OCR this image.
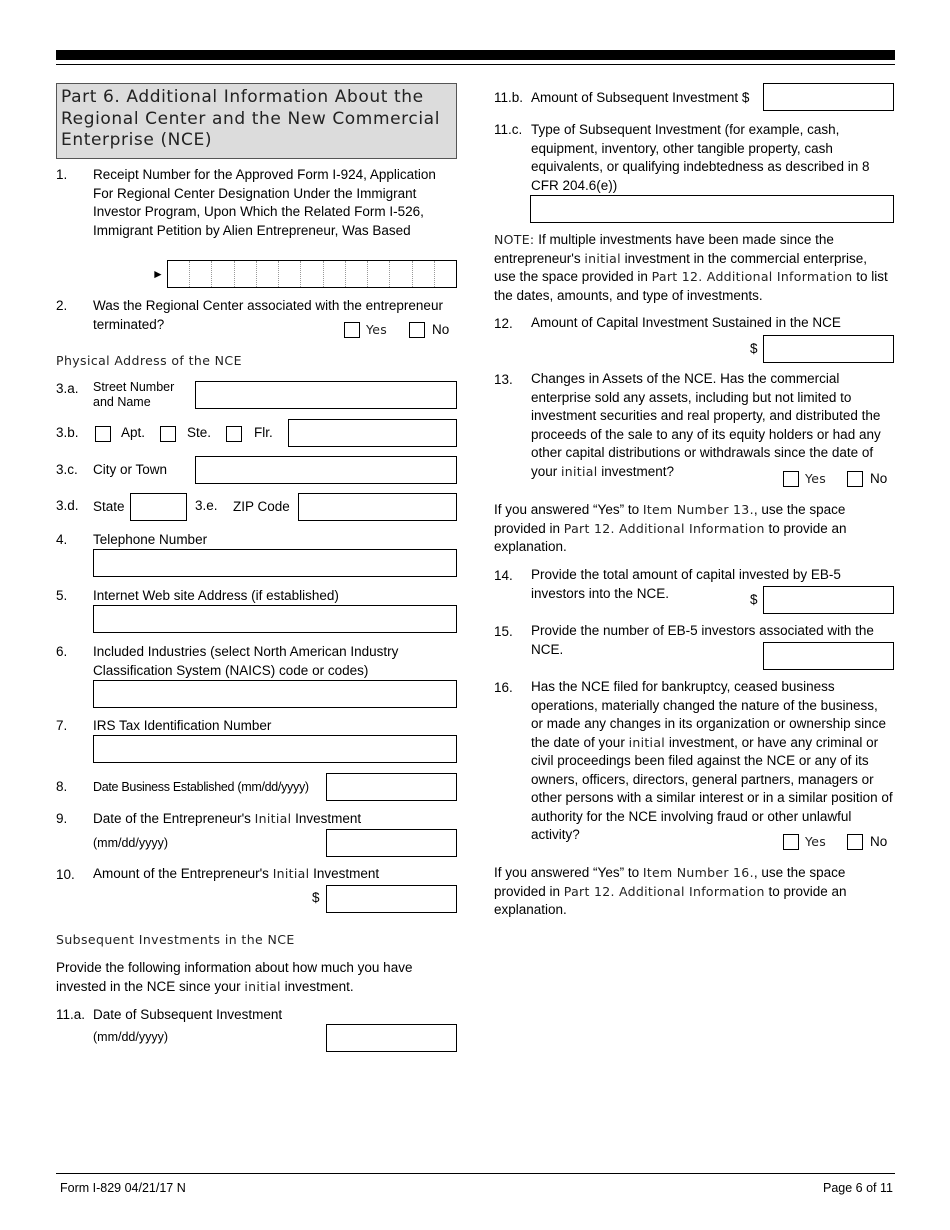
Part 6. Additional Information About the Regional Center and the New Commercial Enterprise (NCE)
1.	Receipt Number for the Approved Form I-924, Application For Regional Center Designation Under the Immigrant Investor Program, Upon Which the Related Form I-526, Immigrant Petition by Alien Entrepreneur, Was Based
►
2.	Was the Regional Center associated with the entrepreneur terminated?	Yes	No
Physical Address of the NCE
3.a.	Street Number and Name
3.b.	Apt.	Ste.	Flr.
3.c.	City or Town
3.d.	State	3.e. ZIP Code
4.	Telephone Number
5.	Internet Web site Address (if established)
6.	Included Industries (select North American Industry Classification System (NAICS) code or codes)
7.	IRS Tax Identification Number
8.	Date Business Established (mm/dd/yyyy)
9.	Date of the Entrepreneur's Initial Investment
(mm/dd/yyyy)
10.	Amount of the Entrepreneur's Initial Investment
$
Subsequent Investments in the NCE
Provide the following information about how much you have invested in the NCE since your initial investment.
11.a. Date of Subsequent Investment
(mm/dd/yyyy)
11.b. Amount of Subsequent Investment $
11.c. Type of Subsequent Investment (for example, cash, equipment, inventory, other tangible property, cash equivalents, or qualifying indebtedness as described in 8 CFR 204.6(e))
NOTE: If multiple investments have been made since the entrepreneur's initial investment in the commercial enterprise, use the space provided in Part 12. Additional Information to list the dates, amounts, and type of investments.
12.	Amount of Capital Investment Sustained in the NCE
$
13.	Changes in Assets of the NCE. Has the commercial enterprise sold any assets, including but not limited to investment securities and real property, and distributed the proceeds of the sale to any of its equity holders or had any other capital distributions or withdrawals since the date of your initial investment?	Yes	No
If you answered “Yes” to Item Number 13., use the space provided in Part 12. Additional Information to provide an explanation.
14.	Provide the total amount of capital invested by EB-5 investors into the NCE.	$
15.	Provide the number of EB-5 investors associated with the NCE.
16.	Has the NCE filed for bankruptcy, ceased business operations, materially changed the nature of the business, or made any changes in its organization or ownership since the date of your initial investment, or have any criminal or civil proceedings been filed against the NCE or any of its owners, officers, directors, general partners, managers or other persons with a similar interest or in a similar position of authority for the NCE involving fraud or other unlawful activity?	Yes	No
If you answered “Yes” to Item Number 16., use the space provided in Part 12. Additional Information to provide an explanation.
Form I-829 04/21/17 N	Page 6 of 11
